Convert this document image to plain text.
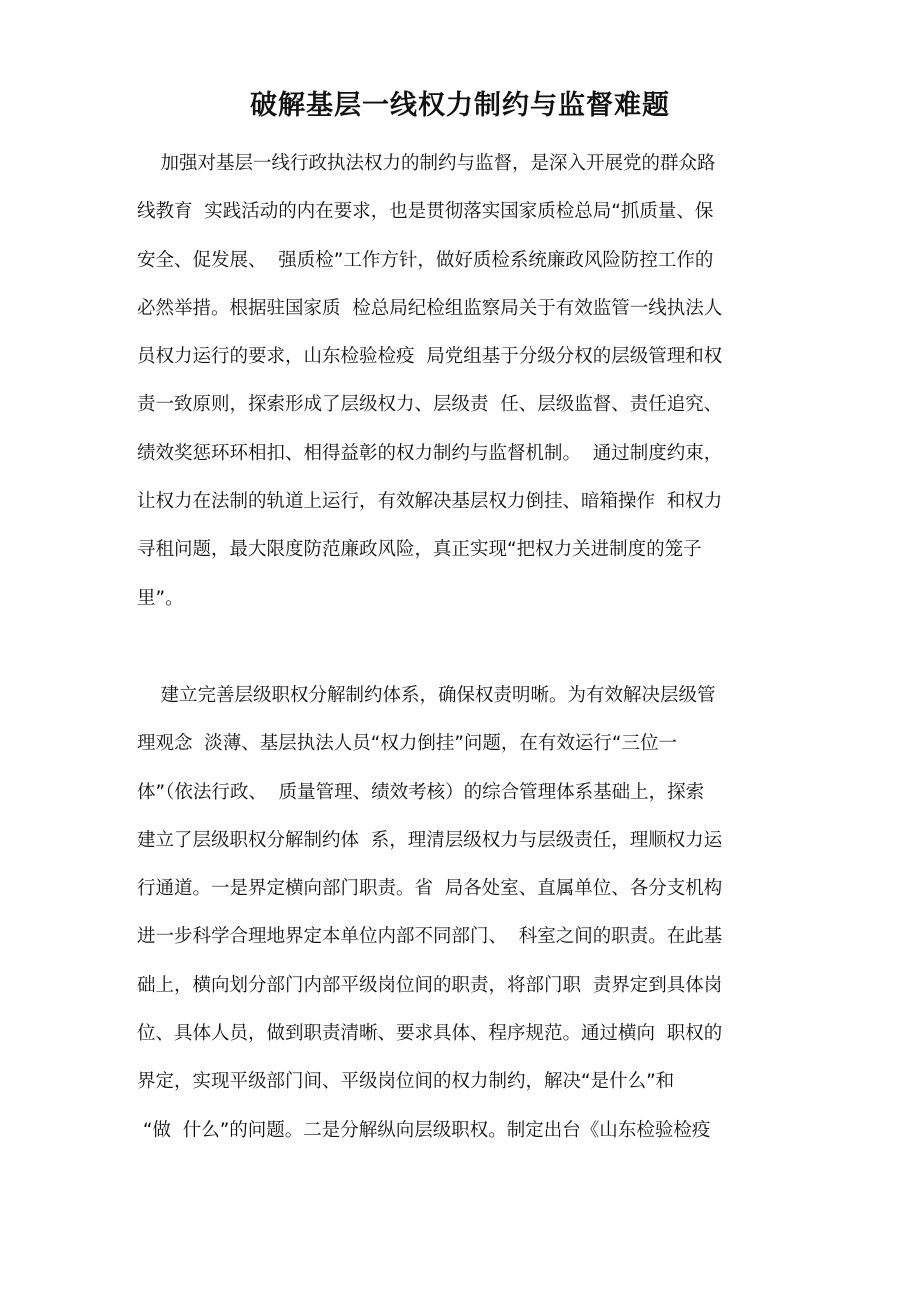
破解基层一线权力制约与监督难题

加强对基层一线行政执法权力的制约与监督，是深入开展党的群众路
线教育  实践活动的内在要求，也是贯彻落实国家质检总局“抓质量、保
安全、促发展、  强质检”工作方针，做好质检系统廉政风险防控工作的
必然举措。根据驻国家质  检总局纪检组监察局关于有效监管一线执法人
员权力运行的要求，山东检验检疫  局党组基于分级分权的层级管理和权
责一致原则，探索形成了层级权力、层级责  任、层级监督、责任追究、
绩效奖惩环环相扣、相得益彰的权力制约与监督机制。  通过制度约束，
让权力在法制的轨道上运行，有效解决基层权力倒挂、暗箱操作  和权力
寻租问题，最大限度防范廉政风险，真正实现“把权力关进制度的笼子
里”。

建立完善层级职权分解制约体系，确保权责明晰。为有效解决层级管
理观念  淡薄、基层执法人员“权力倒挂”问题，在有效运行“三位一
体”（依法行政、  质量管理、绩效考核）的综合管理体系基础上，探索
建立了层级职权分解制约体  系，理清层级权力与层级责任，理顺权力运
行通道。一是界定横向部门职责。省  局各处室、直属单位、各分支机构
进一步科学合理地界定本单位内部不同部门、  科室之间的职责。在此基
础上，横向划分部门内部平级岗位间的职责，将部门职  责界定到具体岗
位、具体人员，做到职责清晰、要求具体、程序规范。通过横向  职权的
界定，实现平级部门间、平级岗位间的权力制约，解决“是什么”和
“做  什么”的问题。二是分解纵向层级职权。制定出台《山东检验检疫
